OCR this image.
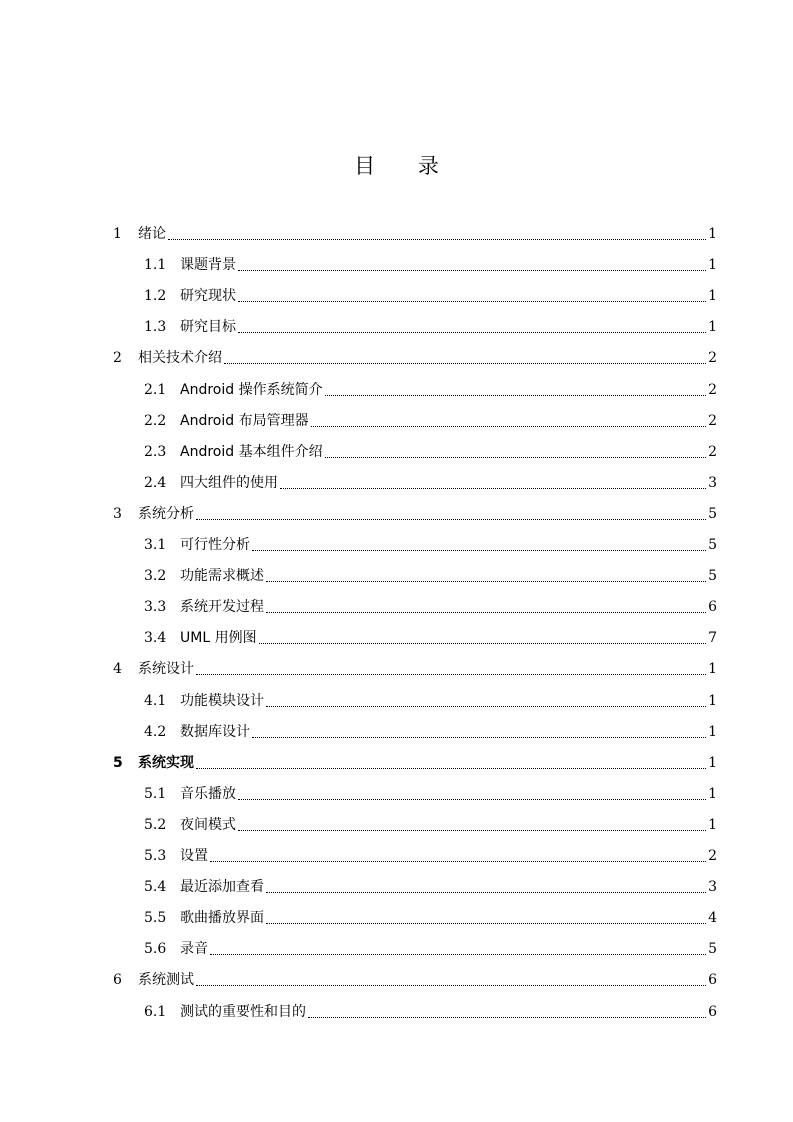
目 录
1	绪论	1
1.1 课题背景	1
1.2 研究现状	1
1.3 研究目标	1
2	相关技术介绍	2
2.1 Android 操作系统简介	2
2.2 Android 布局管理器	2
2.3 Android 基本组件介绍	2
2.4 四大组件的使用	3
3	系统分析	5
3.1 可行性分析	5
3.2 功能需求概述	5
3.3 系统开发过程	6
3.4 UML 用例图	7
4	系统设计	1
4.1 功能模块设计	1
4.2 数据库设计	1
5	系统实现	1
5.1 音乐播放	1
5.2 夜间模式	1
5.3 设置	2
5.4 最近添加查看	3
5.5 歌曲播放界面	4
5.6 录音	5
6	系统测试	6
6.1 测试的重要性和目的	6
